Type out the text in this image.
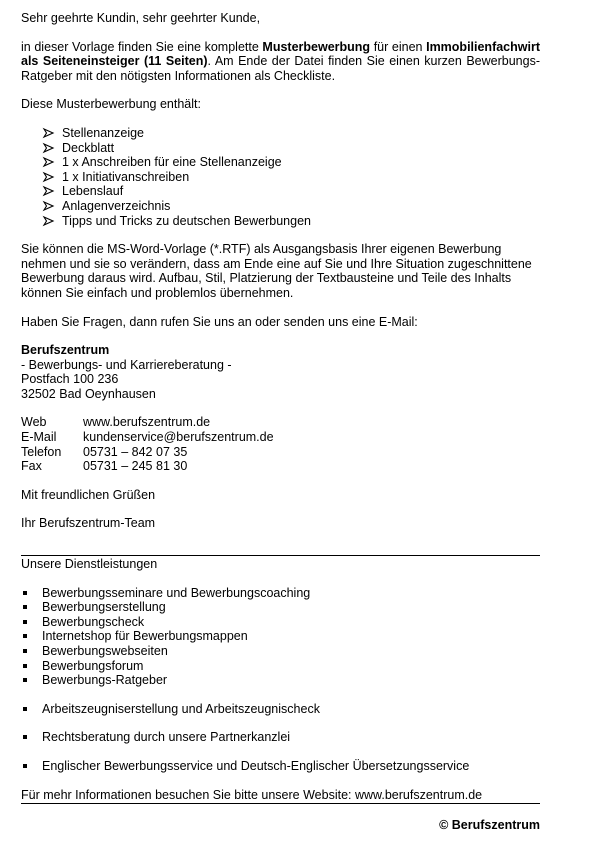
Sehr geehrte Kundin, sehr geehrter Kunde,

in dieser Vorlage finden Sie eine komplette Musterbewerbung für einen Immobilienfachwirt als Seiteneinsteiger (11 Seiten). Am Ende der Datei finden Sie einen kurzen Bewerbungs-Ratgeber mit den nötigsten Informationen als Checkliste.

Diese Musterbewerbung enthält:

Stellenanzeige
Deckblatt
1 x Anschreiben für eine Stellenanzeige
1 x Initiativanschreiben
Lebenslauf
Anlagenverzeichnis
Tipps und Tricks zu deutschen Bewerbungen

Sie können die MS-Word-Vorlage (*.RTF) als Ausgangsbasis Ihrer eigenen Bewerbung nehmen und sie so verändern, dass am Ende eine auf Sie und Ihre Situation zugeschnittene Bewerbung daraus wird. Aufbau, Stil, Platzierung der Textbausteine und Teile des Inhalts können Sie einfach und problemlos übernehmen.

Haben Sie Fragen, dann rufen Sie uns an oder senden uns eine E-Mail:

Berufszentrum

- Bewerbungs- und Karriereberatung -

Postfach 100 236

32502 Bad Oeynhausen

Web	www.berufszentrum.de
E-Mail	kundenservice@berufszentrum.de
Telefon	05731 – 842 07 35
Fax	05731 – 245 81 30

Mit freundlichen Grüßen

Ihr Berufszentrum-Team

Unsere Dienstleistungen

Bewerbungsseminare und Bewerbungscoaching
Bewerbungserstellung
Bewerbungscheck
Internetshop für Bewerbungsmappen
Bewerbungswebseiten
Bewerbungsforum
Bewerbungs-Ratgeber
Arbeitszeugniserstellung und Arbeitszeugnischeck
Rechtsberatung durch unsere Partnerkanzlei
Englischer Bewerbungsservice und Deutsch-Englischer Übersetzungsservice

Für mehr Informationen besuchen Sie bitte unsere Website: www.berufszentrum.de

© Berufszentrum
